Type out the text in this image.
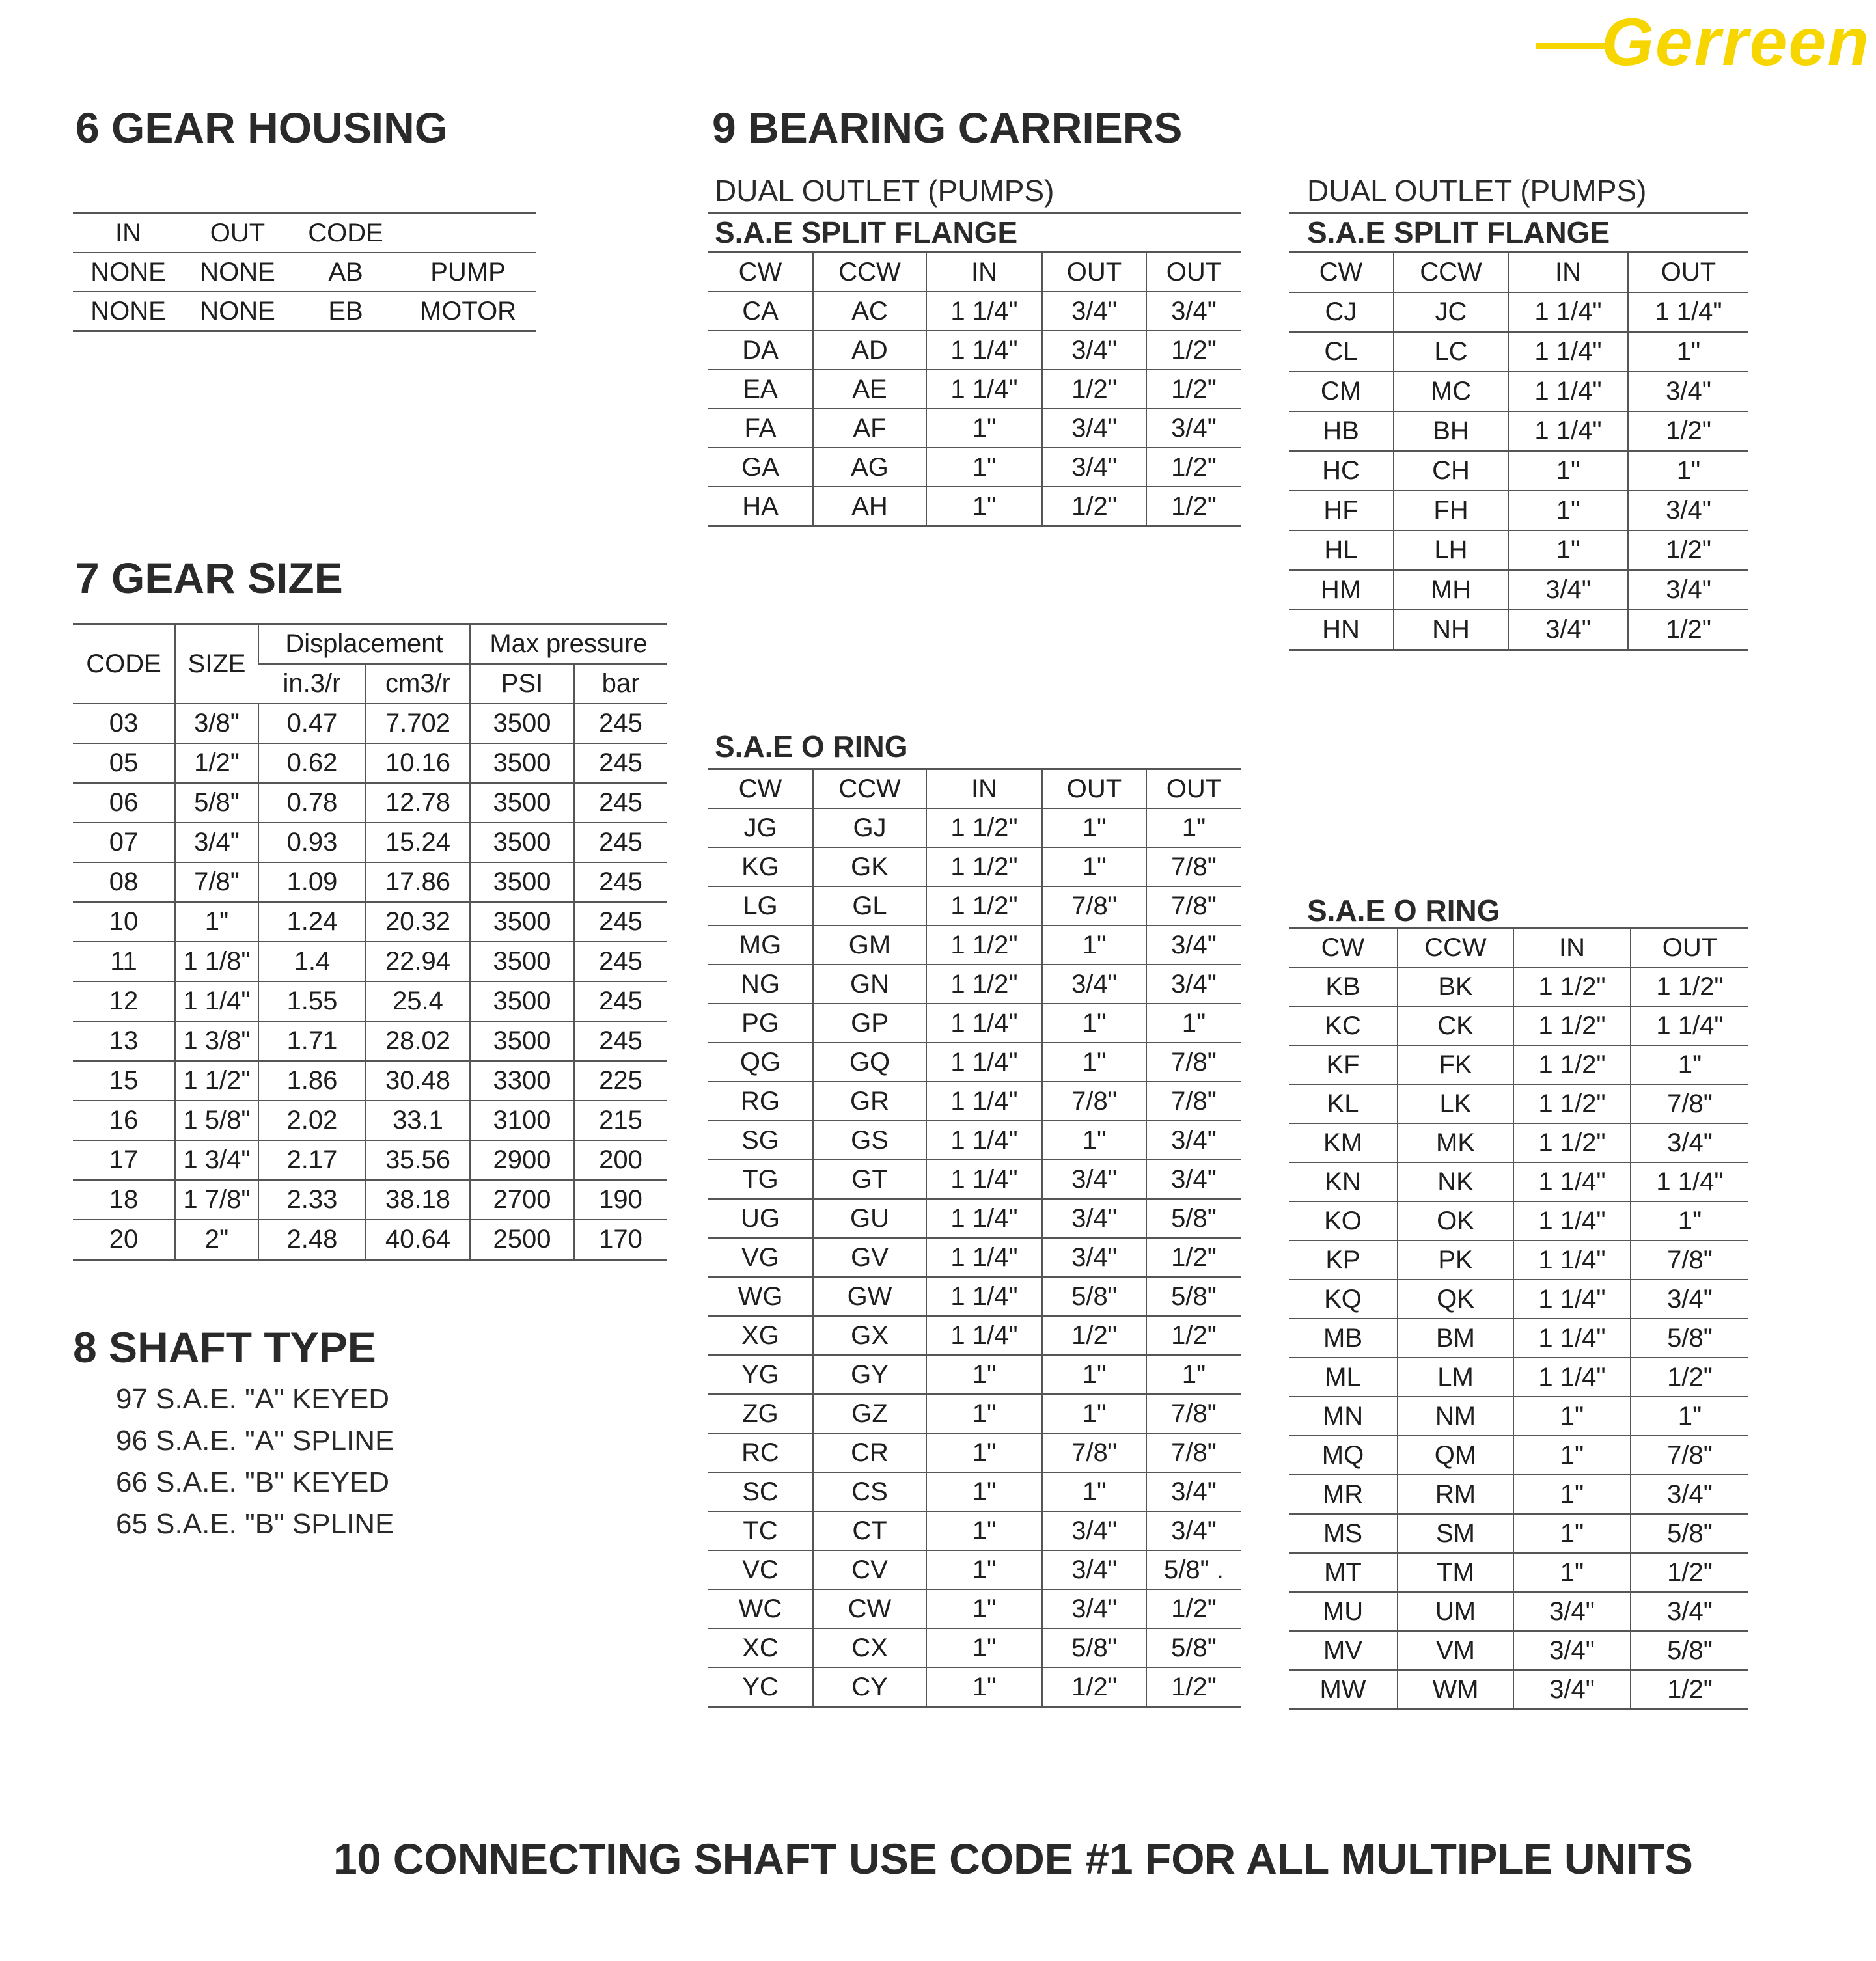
Gerreen
6 GEAR HOUSING	9 BEARING CARRIERS
7 GEAR SIZE
8 SHAFT TYPE
10 CONNECTING SHAFT USE CODE #1 FOR ALL MULTIPLE UNITS
IN	OUT	CODE	
NONE	NONE	AB	PUMP
NONE	NONE	EB	MOTOR
CODE	SIZE	Displacement		Max pressure	
		in.3/r	cm3/r	PSI	bar
03	3/8"	0.47	7.702	3500	245
05	1/2"	0.62	10.16	3500	245
06	5/8"	0.78	12.78	3500	245
07	3/4"	0.93	15.24	3500	245
08	7/8"	1.09	17.86	3500	245
10	1"	1.24	20.32	3500	245
11	1 1/8"	1.4	22.94	3500	245
12	1 1/4"	1.55	25.4	3500	245
13	1 3/8"	1.71	28.02	3500	245
15	1 1/2"	1.86	30.48	3300	225
16	1 5/8"	2.02	33.1	3100	215
17	1 3/4"	2.17	35.56	2900	200
18	1 7/8"	2.33	38.18	2700	190
20	2"	2.48	40.64	2500	170
97 S.A.E. "A" KEYED
96 S.A.E. "A" SPLINE
66 S.A.E. "B" KEYED
65 S.A.E. "B" SPLINE
DUAL OUTLET (PUMPS)
S.A.E SPLIT FLANGE
DUAL OUTLET (PUMPS)
S.A.E SPLIT FLANGE
S.A.E O RING
S.A.E O RING
CW	CCW	IN	OUT	OUT
CA	AC	1 1/4"	3/4"	3/4"
DA	AD	1 1/4"	3/4"	1/2"
EA	AE	1 1/4"	1/2"	1/2"
FA	AF	1"	3/4"	3/4"
GA	AG	1"	3/4"	1/2"
HA	AH	1"	1/2"	1/2"
CW	CCW	IN	OUT
CJ	JC	1 1/4"	1 1/4"
CL	LC	1 1/4"	1"
CM	MC	1 1/4"	3/4"
HB	BH	1 1/4"	1/2"
HC	CH	1"	1"
HF	FH	1"	3/4"
HL	LH	1"	1/2"
HM	MH	3/4"	3/4"
HN	NH	3/4"	1/2"
CW	CCW	IN	OUT	OUT
JG	GJ	1 1/2"	1"	1"
KG	GK	1 1/2"	1"	7/8"
LG	GL	1 1/2"	7/8"	7/8"
MG	GM	1 1/2"	1"	3/4"
NG	GN	1 1/2"	3/4"	3/4"
PG	GP	1 1/4"	1"	1"
QG	GQ	1 1/4"	1"	7/8"
RG	GR	1 1/4"	7/8"	7/8"
SG	GS	1 1/4"	1"	3/4"
TG	GT	1 1/4"	3/4"	3/4"
UG	GU	1 1/4"	3/4"	5/8"
VG	GV	1 1/4"	3/4"	1/2"
WG	GW	1 1/4"	5/8"	5/8"
XG	GX	1 1/4"	1/2"	1/2"
YG	GY	1"	1"	1"
ZG	GZ	1"	1"	7/8"
RC	CR	1"	7/8"	7/8"
SC	CS	1"	1"	3/4"
TC	CT	1"	3/4"	3/4"
VC	CV	1"	3/4"	5/8" .
WC	CW	1"	3/4"	1/2"
XC	CX	1"	5/8"	5/8"
YC	CY	1"	1/2"	1/2"
CW	CCW	IN	OUT
KB	BK	1 1/2"	1 1/2"
KC	CK	1 1/2"	1 1/4"
KF	FK	1 1/2"	1"
KL	LK	1 1/2"	7/8"
KM	MK	1 1/2"	3/4"
KN	NK	1 1/4"	1 1/4"
KO	OK	1 1/4"	1"
KP	PK	1 1/4"	7/8"
KQ	QK	1 1/4"	3/4"
MB	BM	1 1/4"	5/8"
ML	LM	1 1/4"	1/2"
MN	NM	1"	1"
MQ	QM	1"	7/8"
MR	RM	1"	3/4"
MS	SM	1"	5/8"
MT	TM	1"	1/2"
MU	UM	3/4"	3/4"
MV	VM	3/4"	5/8"
MW	WM	3/4"	1/2"
